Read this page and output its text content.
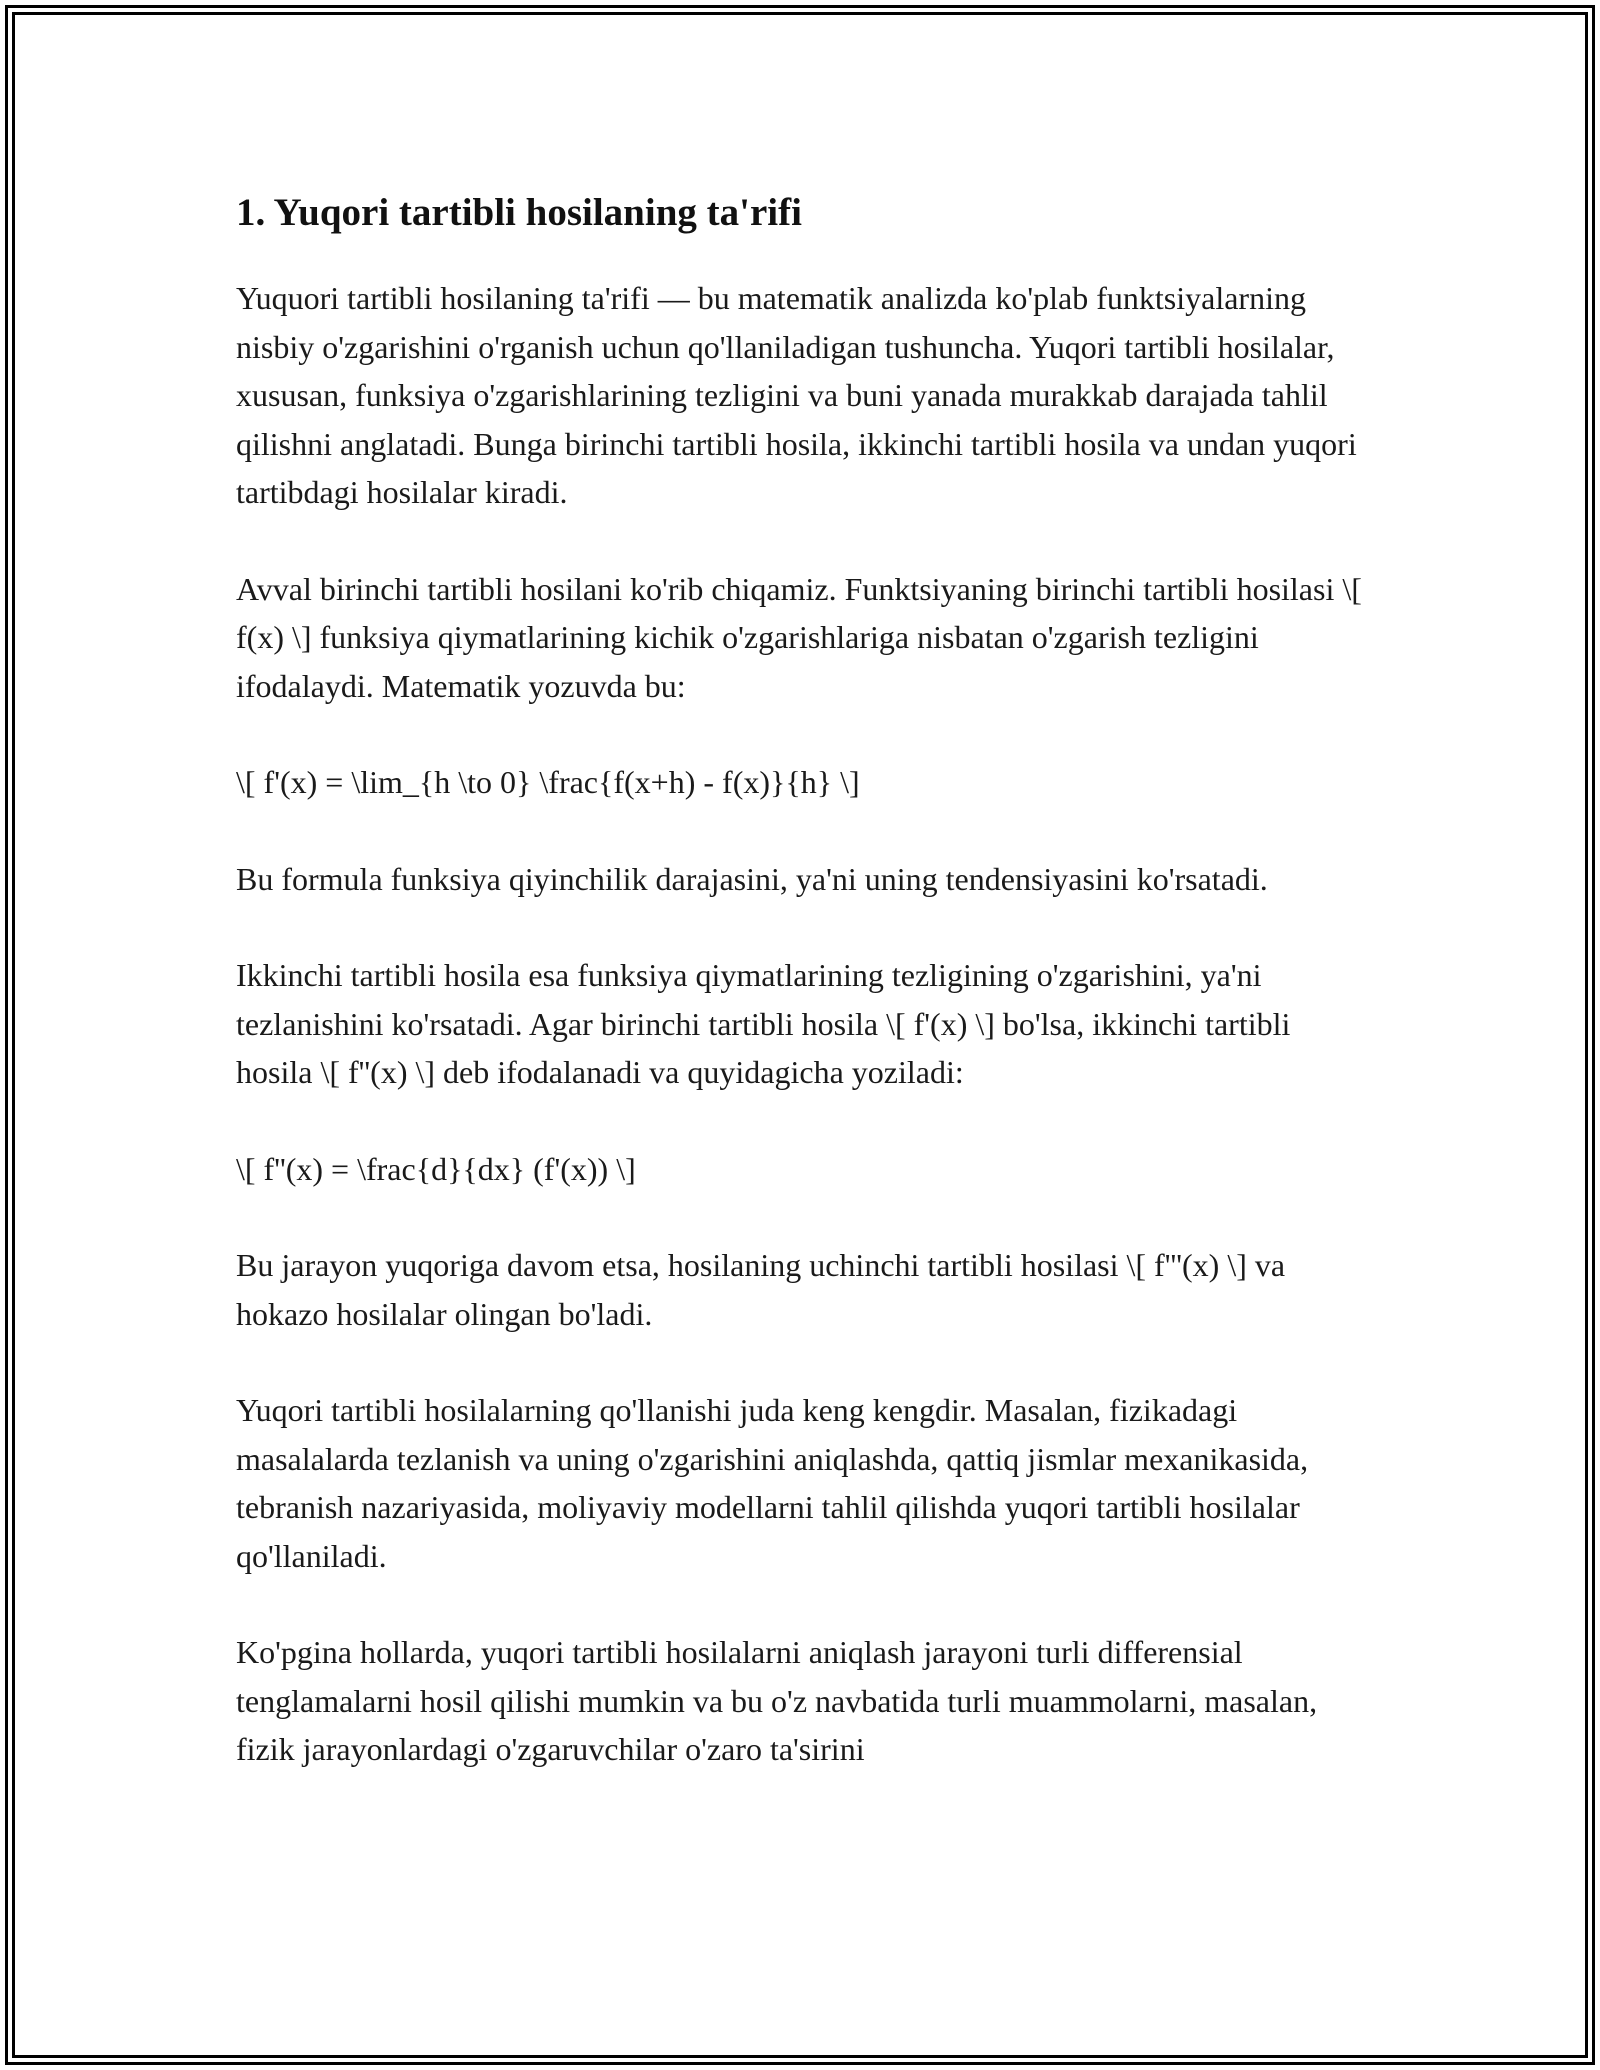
1. Yuqori tartibli hosilaning ta'rifi

Yuquori tartibli hosilaning ta'rifi — bu matematik analizda ko'plab funktsiyalarning nisbiy o'zgarishini o'rganish uchun qo'llaniladigan tushuncha. Yuqori tartibli hosilalar, xususan, funksiya o'zgarishlarining tezligini va buni yanada murakkab darajada tahlil qilishni anglatadi. Bunga birinchi tartibli hosila, ikkinchi tartibli hosila va undan yuqori tartibdagi hosilalar kiradi.

Avval birinchi tartibli hosilani ko'rib chiqamiz. Funktsiyaning birinchi tartibli hosilasi \[ f(x) \] funksiya qiymatlarining kichik o'zgarishlariga nisbatan o'zgarish tezligini ifodalaydi. Matematik yozuvda bu:

\[ f'(x) = \lim_{h \to 0} \frac{f(x+h) - f(x)}{h} \]

Bu formula funksiya qiyinchilik darajasini, ya'ni uning tendensiyasini ko'rsatadi.

Ikkinchi tartibli hosila esa funksiya qiymatlarining tezligining o'zgarishini, ya'ni tezlanishini ko'rsatadi. Agar birinchi tartibli hosila \[ f'(x) \] bo'lsa, ikkinchi tartibli hosila \[ f''(x) \] deb ifodalanadi va quyidagicha yoziladi:

\[ f''(x) = \frac{d}{dx} (f'(x)) \]

Bu jarayon yuqoriga davom etsa, hosilaning uchinchi tartibli hosilasi \[ f'''(x) \] va hokazo hosilalar olingan bo'ladi.

Yuqori tartibli hosilalarning qo'llanishi juda keng kengdir. Masalan, fizikadagi masalalarda tezlanish va uning o'zgarishini aniqlashda, qattiq jismlar mexanikasida, tebranish nazariyasida, moliyaviy modellarni tahlil qilishda yuqori tartibli hosilalar qo'llaniladi.

Ko'pgina hollarda, yuqori tartibli hosilalarni aniqlash jarayoni turli differensial tenglamalarni hosil qilishi mumkin va bu o'z navbatida turli muammolarni, masalan, fizik jarayonlardagi o'zgaruvchilar o'zaro ta'sirini
